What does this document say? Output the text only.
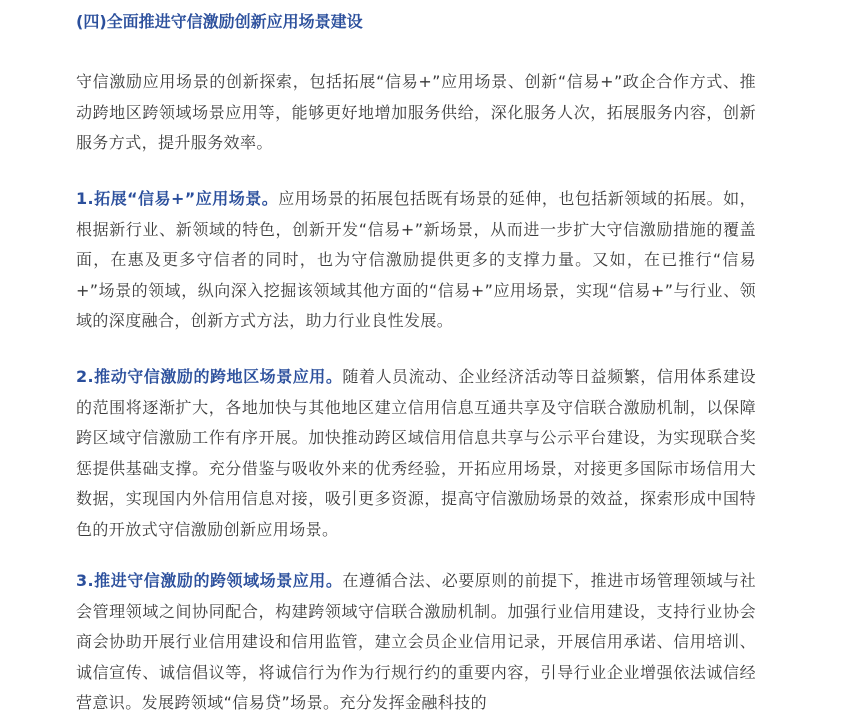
(四)全面推进守信激励创新应用场景建设

守信激励应用场景的创新探索，包括拓展“信易+”应用场景、创新“信易+”政企合作方式、推动跨地区跨领域场景应用等，能够更好地增加服务供给，深化服务人次，拓展服务内容，创新服务方式，提升服务效率。

1.拓展“信易+”应用场景。应用场景的拓展包括既有场景的延伸，也包括新领域的拓展。如，根据新行业、新领域的特色，创新开发“信易+”新场景，从而进一步扩大守信激励措施的覆盖面，在惠及更多守信者的同时，也为守信激励提供更多的支撑力量。又如，在已推行“信易+”场景的领域，纵向深入挖掘该领域其他方面的“信易+”应用场景，实现“信易+”与行业、领域的深度融合，创新方式方法，助力行业良性发展。

2.推动守信激励的跨地区场景应用。随着人员流动、企业经济活动等日益频繁，信用体系建设的范围将逐渐扩大，各地加快与其他地区建立信用信息互通共享及守信联合激励机制，以保障跨区域守信激励工作有序开展。加快推动跨区域信用信息共享与公示平台建设，为实现联合奖惩提供基础支撑。充分借鉴与吸收外来的优秀经验，开拓应用场景，对接更多国际市场信用大数据，实现国内外信用信息对接，吸引更多资源，提高守信激励场景的效益，探索形成中国特色的开放式守信激励创新应用场景。

3.推进守信激励的跨领域场景应用。在遵循合法、必要原则的前提下，推进市场管理领域与社会管理领域之间协同配合，构建跨领域守信联合激励机制。加强行业信用建设，支持行业协会商会协助开展行业信用建设和信用监管，建立会员企业信用记录，开展信用承诺、信用培训、诚信宣传、诚信倡议等，将诚信行为作为行规行约的重要内容，引导行业企业增强依法诚信经营意识。发展跨领域“信易贷”场景。充分发挥金融科技的
